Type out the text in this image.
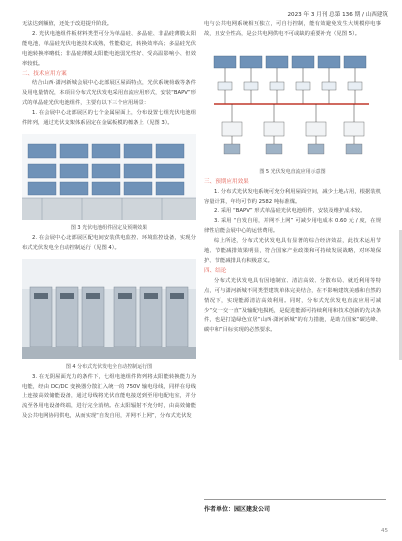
2023 年 3 月刊 总第 136 期 / 山西建筑

无法达到额值，还处于改进提升阶段。

2. 光伏电池组件板材料类型可分为单晶硅、多晶硅、非晶硅薄膜太阳能电池，单晶硅光伏电池技术成熟，性能稳定，转换效率高；多晶硅光伏电池转换率略低；非晶硅薄膜太阳能电池弱光性好、受高温影响小、但效率较低。

二、技术应用方案

结合山西·潇河新城会展中心北部展区屋面特点，光伏系统荷载等条件及用电量情况，本项目分布式光伏发电采用直流应用形式，安装“BAPV”形式的单晶硅光伏电池组件，主要有以下三个应用场景：

1. 在会展中心北部展区的七个金属屋面上，分布设置七组光伏电池组件阵列，通过光伏支架体系固定在金属板模的檩条上（见图 3）。

图 3 光伏电池组件固定及预期效果

2. 在会展中心北部展区配电间安装供电监控、环境监控设备，实现分布式光伏发电全自动控制运行（见图 4）。

图 4 分布式光伏发电全自动控制运行图

3. 在无阴屋面光力的条件下，七组电池组件阵列将太阳能转换能力为电能，经由 DC/DC 变换器分散汇入统一的 750V 输电母线，同样在母线上连接高效储能设备，通过母线将光伏直能电接送到至用电配电室，并分流至各用电设备终端，进行完全消纳。在太阳辐射不充分时，由高效储能及公共电网协同供电，从而实现“自发自用，并网不上网”，分布式光伏发

电与公共电网系统相互独立，可自行控制，能有效避免发生大规模停电事故，且安全性高，是公共电网供电不可或缺的重要补充（见图 5）。

图 5 光伏发电直流应用示意图

三、预期应用效果

1. 分布式光伏发电系统可充分利用屋面空间，减少土地占用，根据装机容量计算，年均可节约 2582 吨标准煤。

2. 采用 “BAPV” 形式单晶硅光伏电池组件，安装及维护成本较。

3. 采用 “自发自用，并网不上网” 可减少用电成本 0.60 元 / 度，在规律性启能会展中心的运营费用。

综上所述，分布式光伏发电具有显著的综合经济效益，此技术运用节地、节能减排效果明显，符合国家产业政策和可持续发展战略，对环境保护、节能减排具有积极意义。

四、结论

分布式光伏发电具有因地制宜、清洁高效、分散布局、就近利用等特点，可与潇河新城不同类型建筑单体完美结合，在不影响建筑美感和自然的情况下，实现能源清洁高效利用。同时，分布式光伏发电直流应用可减少“交一交一直”及输配电损耗，是促进能源可持续利用和技术创新的先决条件，也是打造绿色宜居“山西·潇河新城”的有力措施，是助力国家“碳达峰、碳中和”目标实现的必然要求。

作者单位：园区建发公司
45
